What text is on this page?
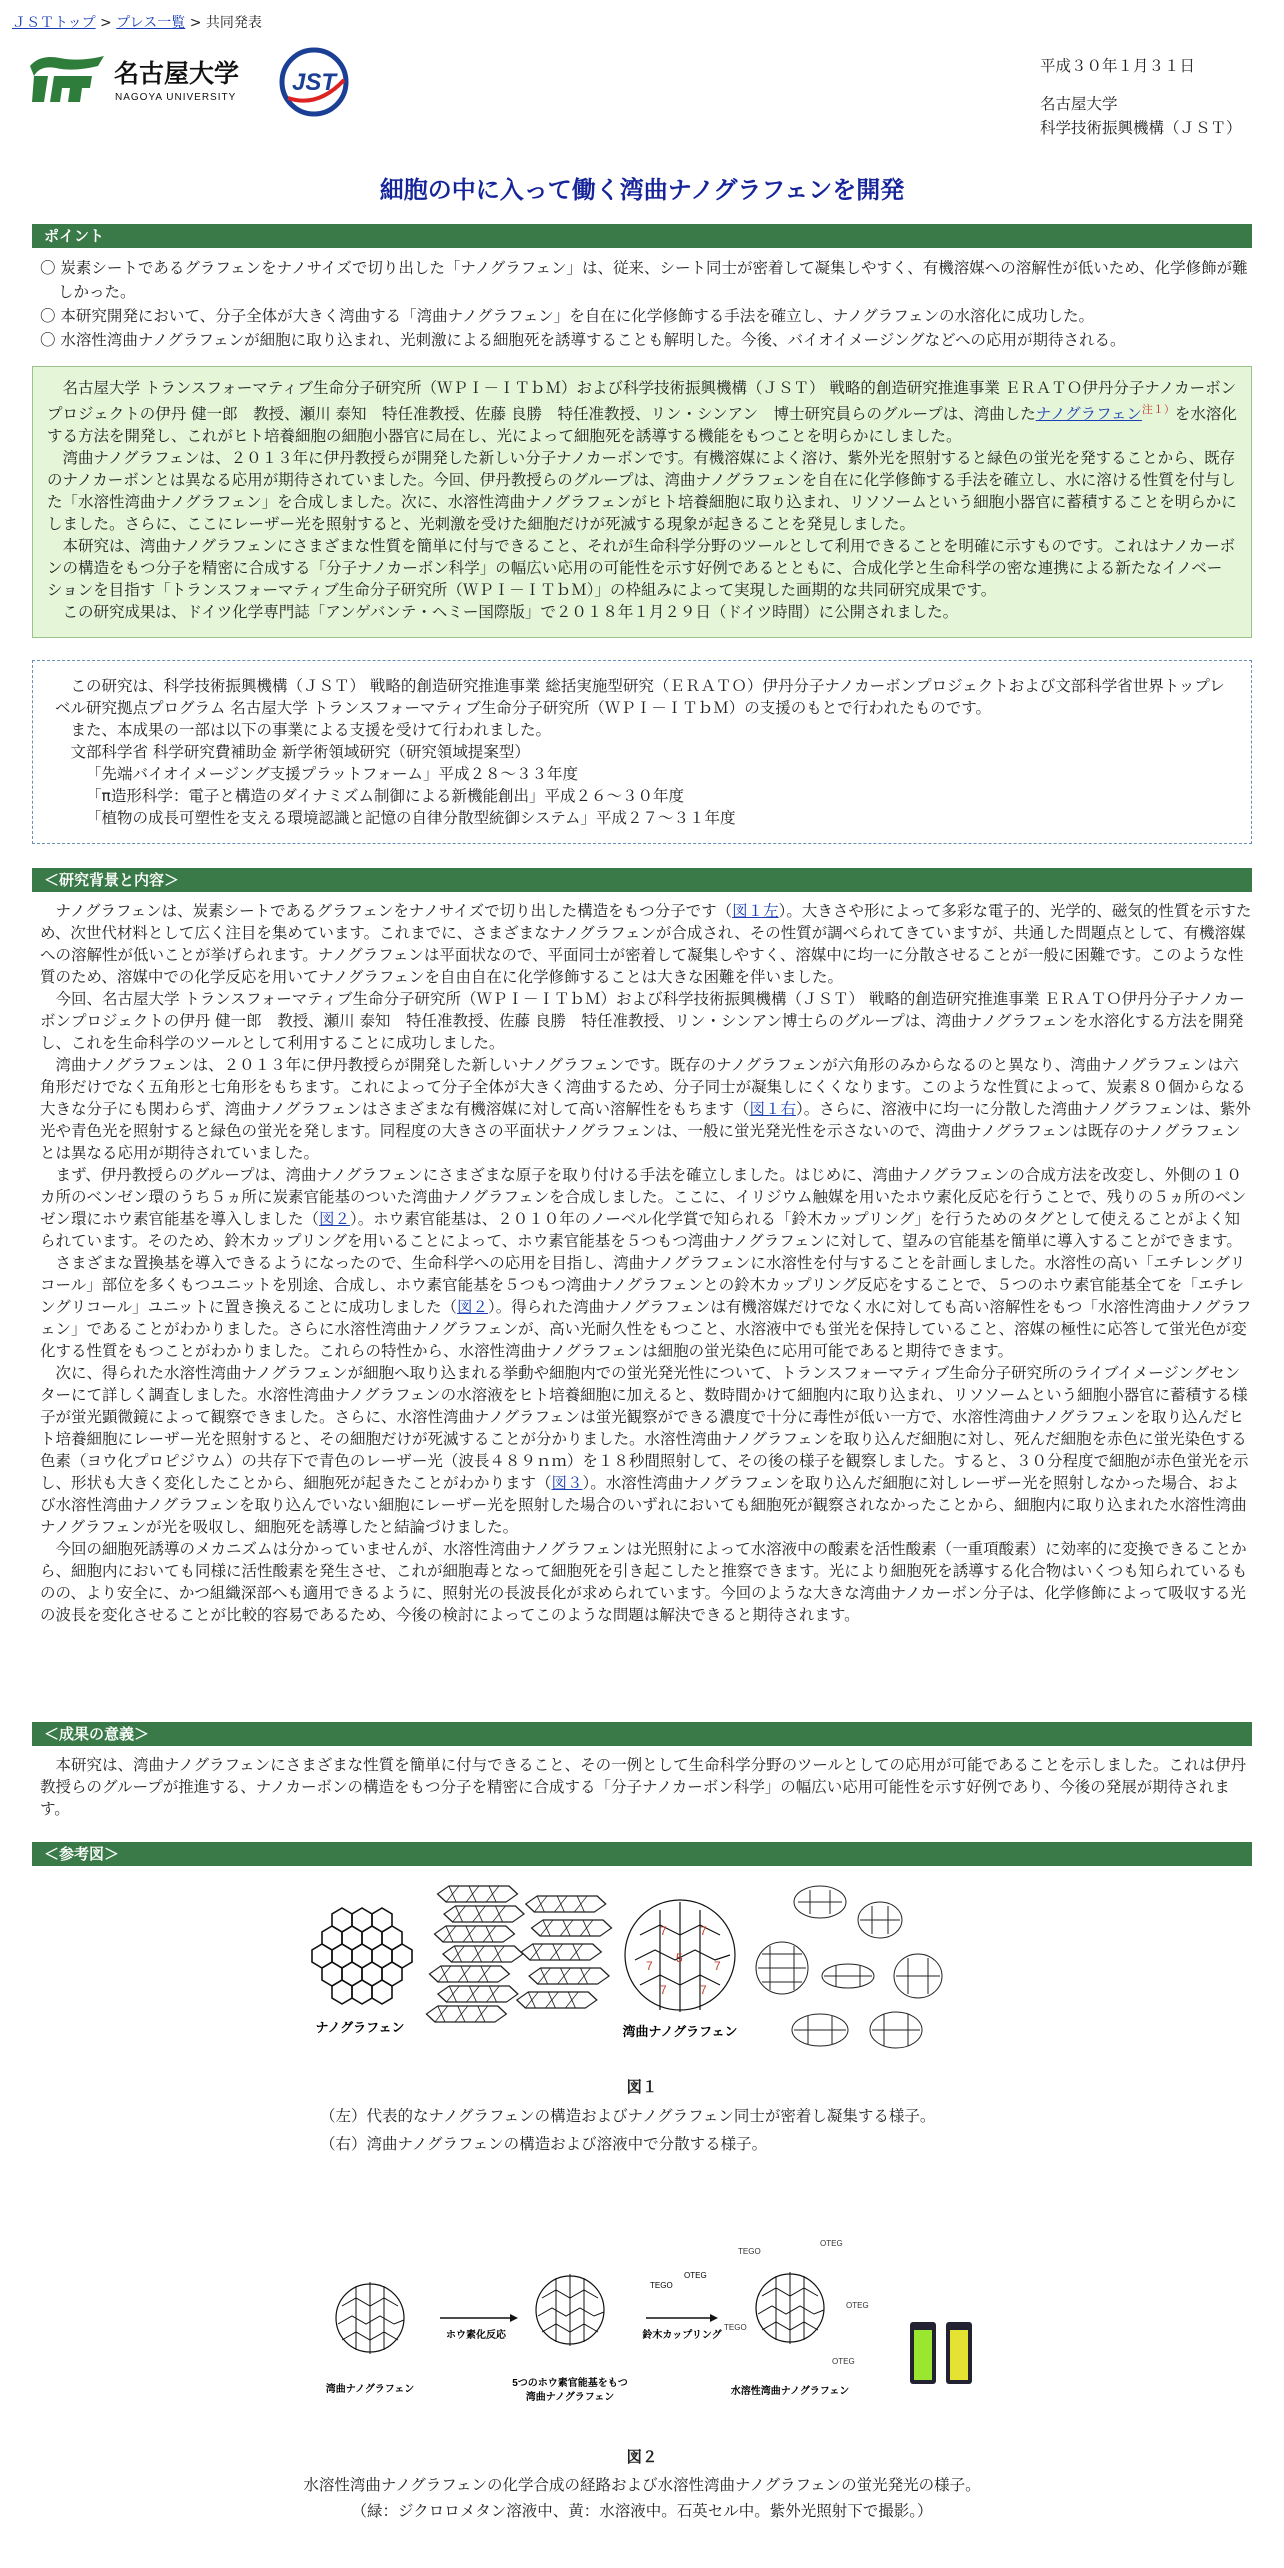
ＪＳＴトップ > プレス一覧 > 共同発表
名古屋大学
NAGOYA UNIVERSITY
JST
平成３０年１月３１日
名古屋大学
科学技術振興機構（ＪＳＴ）
細胞の中に入って働く湾曲ナノグラフェンを開発
ポイント
〇 炭素シートであるグラフェンをナノサイズで切り出した「ナノグラフェン」は、従来、シート同士が密着して凝集しやすく、有機溶媒への溶解性が低いため、化学修飾が難しかった。
〇 本研究開発において、分子全体が大きく湾曲する「湾曲ナノグラフェン」を自在に化学修飾する手法を確立し、ナノグラフェンの水溶化に成功した。
〇 水溶性湾曲ナノグラフェンが細胞に取り込まれ、光刺激による細胞死を誘導することも解明した。今後、バイオイメージングなどへの応用が期待される。

名古屋大学 トランスフォーマティブ生命分子研究所（ＷＰＩ－ＩＴｂＭ）および科学技術振興機構（ＪＳＴ） 戦略的創造研究推進事業 ＥＲＡＴＯ伊丹分子ナノカーボンプロジェクトの伊丹 健一郎　教授、瀬川 泰知　特任准教授、佐藤 良勝　特任准教授、リン・シンアン　博士研究員らのグループは、湾曲したナノグラフェン$^{注1)}$を水溶化する方法を開発し、これがヒト培養細胞の細胞小器官に局在し、光によって細胞死を誘導する機能をもつことを明らかにしました。

湾曲ナノグラフェンは、２０１３年に伊丹教授らが開発した新しい分子ナノカーボンです。有機溶媒によく溶け、紫外光を照射すると緑色の蛍光を発することから、既存のナノカーボンとは異なる応用が期待されていました。今回、伊丹教授らのグループは、湾曲ナノグラフェンを自在に化学修飾する手法を確立し、水に溶ける性質を付与した「水溶性湾曲ナノグラフェン」を合成しました。次に、水溶性湾曲ナノグラフェンがヒト培養細胞に取り込まれ、リソソームという細胞小器官に蓄積することを明らかにしました。さらに、ここにレーザー光を照射すると、光刺激を受けた細胞だけが死滅する現象が起きることを発見しました。

本研究は、湾曲ナノグラフェンにさまざまな性質を簡単に付与できること、それが生命科学分野のツールとして利用できることを明確に示すものです。これはナノカーボンの構造をもつ分子を精密に合成する「分子ナノカーボン科学」の幅広い応用の可能性を示す好例であるとともに、合成化学と生命科学の密な連携による新たなイノベーションを目指す「トランスフォーマティブ生命分子研究所（ＷＰＩ－ＩＴｂＭ）」の枠組みによって実現した画期的な共同研究成果です。

この研究成果は、ドイツ化学専門誌「アンゲバンテ・ヘミー国際版」で２０１８年１月２９日（ドイツ時間）に公開されました。

この研究は、科学技術振興機構（ＪＳＴ） 戦略的創造研究推進事業 総括実施型研究（ＥＲＡＴＯ）伊丹分子ナノカーボンプロジェクトおよび文部科学省世界トップレベル研究拠点プログラム 名古屋大学 トランスフォーマティブ生命分子研究所（ＷＰＩ－ＩＴｂＭ）の支援のもとで行われたものです。

また、本成果の一部は以下の事業による支援を受けて行われました。

文部科学省 科学研究費補助金 新学術領域研究（研究領域提案型）

「先端バイオイメージング支援プラットフォーム」平成２８～３３年度

「π造形科学：電子と構造のダイナミズム制御による新機能創出」平成２６～３０年度

「植物の成長可塑性を支える環境認識と記憶の自律分散型統御システム」平成２７～３１年度

＜研究背景と内容＞

ナノグラフェンは、炭素シートであるグラフェンをナノサイズで切り出した構造をもつ分子です（図１左）。大きさや形によって多彩な電子的、光学的、磁気的性質を示すため、次世代材料として広く注目を集めています。これまでに、さまざまなナノグラフェンが合成され、その性質が調べられてきていますが、共通した問題点として、有機溶媒への溶解性が低いことが挙げられます。ナノグラフェンは平面状なので、平面同士が密着して凝集しやすく、溶媒中に均一に分散させることが一般に困難です。このような性質のため、溶媒中での化学反応を用いてナノグラフェンを自由自在に化学修飾することは大きな困難を伴いました。

今回、名古屋大学 トランスフォーマティブ生命分子研究所（ＷＰＩ－ＩＴｂＭ）および科学技術振興機構（ＪＳＴ） 戦略的創造研究推進事業 ＥＲＡＴＯ伊丹分子ナノカーボンプロジェクトの伊丹 健一郎　教授、瀬川 泰知　特任准教授、佐藤 良勝　特任准教授、リン・シンアン博士らのグループは、湾曲ナノグラフェンを水溶化する方法を開発し、これを生命科学のツールとして利用することに成功しました。

湾曲ナノグラフェンは、２０１３年に伊丹教授らが開発した新しいナノグラフェンです。既存のナノグラフェンが六角形のみからなるのと異なり、湾曲ナノグラフェンは六角形だけでなく五角形と七角形をもちます。これによって分子全体が大きく湾曲するため、分子同士が凝集しにくくなります。このような性質によって、炭素８０個からなる大きな分子にも関わらず、湾曲ナノグラフェンはさまざまな有機溶媒に対して高い溶解性をもちます（図１右）。さらに、溶液中に均一に分散した湾曲ナノグラフェンは、紫外光や青色光を照射すると緑色の蛍光を発します。同程度の大きさの平面状ナノグラフェンは、一般に蛍光発光性を示さないので、湾曲ナノグラフェンは既存のナノグラフェンとは異なる応用が期待されていました。

まず、伊丹教授らのグループは、湾曲ナノグラフェンにさまざまな原子を取り付ける手法を確立しました。はじめに、湾曲ナノグラフェンの合成方法を改変し、外側の１０カ所のベンゼン環のうち５ヵ所に炭素官能基のついた湾曲ナノグラフェンを合成しました。ここに、イリジウム触媒を用いたホウ素化反応を行うことで、残りの５ヵ所のベンゼン環にホウ素官能基を導入しました（図２）。ホウ素官能基は、２０１０年のノーベル化学賞で知られる「鈴木カップリング」を行うためのタグとして使えることがよく知られています。そのため、鈴木カップリングを用いることによって、ホウ素官能基を５つもつ湾曲ナノグラフェンに対して、望みの官能基を簡単に導入することができます。

さまざまな置換基を導入できるようになったので、生命科学への応用を目指し、湾曲ナノグラフェンに水溶性を付与することを計画しました。水溶性の高い「エチレングリコール」部位を多くもつユニットを別途、合成し、ホウ素官能基を５つもつ湾曲ナノグラフェンとの鈴木カップリング反応をすることで、５つのホウ素官能基全てを「エチレングリコール」ユニットに置き換えることに成功しました（図２）。得られた湾曲ナノグラフェンは有機溶媒だけでなく水に対しても高い溶解性をもつ「水溶性湾曲ナノグラフェン」であることがわかりました。さらに水溶性湾曲ナノグラフェンが、高い光耐久性をもつこと、水溶液中でも蛍光を保持していること、溶媒の極性に応答して蛍光色が変化する性質をもつことがわかりました。これらの特性から、水溶性湾曲ナノグラフェンは細胞の蛍光染色に応用可能であると期待できます。

次に、得られた水溶性湾曲ナノグラフェンが細胞へ取り込まれる挙動や細胞内での蛍光発光性について、トランスフォーマティブ生命分子研究所のライブイメージングセンターにて詳しく調査しました。水溶性湾曲ナノグラフェンの水溶液をヒト培養細胞に加えると、数時間かけて細胞内に取り込まれ、リソソームという細胞小器官に蓄積する様子が蛍光顕微鏡によって観察できました。さらに、水溶性湾曲ナノグラフェンは蛍光観察ができる濃度で十分に毒性が低い一方で、水溶性湾曲ナノグラフェンを取り込んだヒト培養細胞にレーザー光を照射すると、その細胞だけが死滅することが分かりました。水溶性湾曲ナノグラフェンを取り込んだ細胞に対し、死んだ細胞を赤色に蛍光染色する色素（ヨウ化プロピジウム）の共存下で青色のレーザー光（波長４８９ｎｍ）を１８秒間照射して、その後の様子を観察しました。すると、３０分程度で細胞が赤色蛍光を示し、形状も大きく変化したことから、細胞死が起きたことがわかります（図３）。水溶性湾曲ナノグラフェンを取り込んだ細胞に対しレーザー光を照射しなかった場合、および水溶性湾曲ナノグラフェンを取り込んでいない細胞にレーザー光を照射した場合のいずれにおいても細胞死が観察されなかったことから、細胞内に取り込まれた水溶性湾曲ナノグラフェンが光を吸収し、細胞死を誘導したと結論づけました。

今回の細胞死誘導のメカニズムは分かっていませんが、水溶性湾曲ナノグラフェンは光照射によって水溶液中の酸素を活性酸素（一重項酸素）に効率的に変換できることから、細胞内においても同様に活性酸素を発生させ、これが細胞毒となって細胞死を引き起こしたと推察できます。光により細胞死を誘導する化合物はいくつも知られているものの、より安全に、かつ組織深部へも適用できるように、照射光の長波長化が求められています。今回のような大きな湾曲ナノカーボン分子は、化学修飾によって吸収する光の波長を変化させることが比較的容易であるため、今後の検討によってこのような問題は解決できると期待されます。

＜成果の意義＞

本研究は、湾曲ナノグラフェンにさまざまな性質を簡単に付与できること、その一例として生命科学分野のツールとしての応用が可能であることを示しました。これは伊丹教授らのグループが推進する、ナノカーボンの構造をもつ分子を精密に合成する「分子ナノカーボン科学」の幅広い応用可能性を示す好例であり、今後の発展が期待されます。

＜参考図＞
ナノグラフェン
7	7
5
7	7
7	7
湾曲ナノグラフェン
図１
（左）代表的なナノグラフェンの構造およびナノグラフェン同士が密着し凝集する様子。
（右）湾曲ナノグラフェンの構造および溶液中で分散する様子。
湾曲ナノグラフェン
ホウ素化反応
5つのホウ素官能基をもつ
湾曲ナノグラフェン
鈴木カップリング
TEGO
OTEG
TEGO
OTEG
OTEG
TEGO
OTEG
水溶性湾曲ナノグラフェン
図２
水溶性湾曲ナノグラフェンの化学合成の経路および水溶性湾曲ナノグラフェンの蛍光発光の様子。
（緑：ジクロロメタン溶液中、黄：水溶液中。石英セル中。紫外光照射下で撮影。）
